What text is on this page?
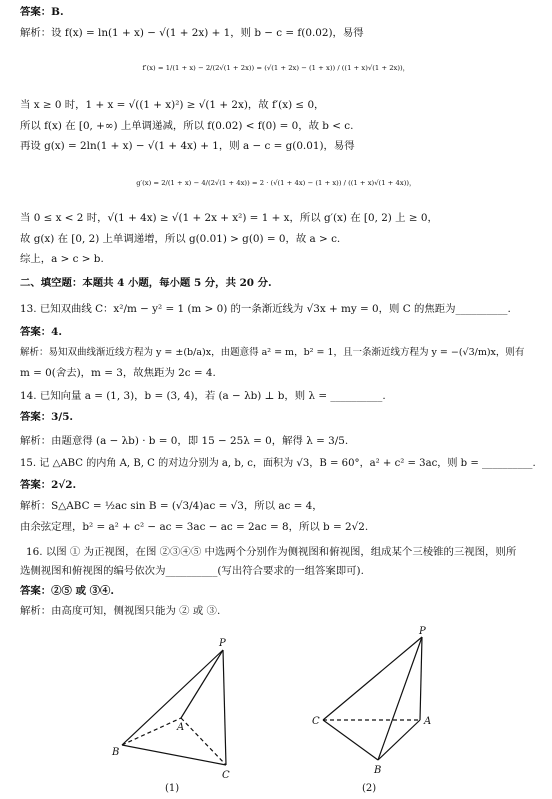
答案：B.
解析：设 f(x) = ln(1 + x) − √(1 + 2x) + 1，则 b − c = f(0.02)，易得
f′(x) = 1/(1 + x) − 2/(2√(1 + 2x)) = (√(1 + 2x) − (1 + x)) / ((1 + x)√(1 + 2x))，
当 x ≥ 0 时，1 + x = √((1 + x)²) ≥ √(1 + 2x)，故 f′(x) ≤ 0，
所以 f(x) 在 [0, +∞) 上单调递减，所以 f(0.02) < f(0) = 0，故 b < c.
再设 g(x) = 2ln(1 + x) − √(1 + 4x) + 1，则 a − c = g(0.01)，易得
g′(x) = 2/(1 + x) − 4/(2√(1 + 4x)) = 2 · (√(1 + 4x) − (1 + x)) / ((1 + x)√(1 + 4x))，
当 0 ≤ x < 2 时，√(1 + 4x) ≥ √(1 + 2x + x²) = 1 + x，所以 g′(x) 在 [0, 2) 上 ≥ 0，
故 g(x) 在 [0, 2) 上单调递增，所以 g(0.01) > g(0) = 0，故 a > c.
综上，a > c > b.
二、填空题：本题共 4 小题，每小题 5 分，共 20 分.
13. 已知双曲线 C：x²/m − y² = 1 (m > 0) 的一条渐近线为 √3x + my = 0，则 C 的焦距为__________.
答案：4.
解析：易知双曲线渐近线方程为 y = ±(b/a)x，由题意得 a² = m，b² = 1，且一条渐近线方程为 y = −(√3/m)x，则有
m = 0(舍去)，m = 3，故焦距为 2c = 4.
14. 已知向量 a = (1, 3)，b = (3, 4)，若 (a − λb) ⊥ b，则 λ = __________.
答案：3/5.
解析：由题意得 (a − λb) · b = 0，即 15 − 25λ = 0，解得 λ = 3/5.
15. 记 △ABC 的内角 A, B, C 的对边分别为 a, b, c，面积为 √3，B = 60°，a² + c² = 3ac，则 b = __________.
答案：2√2.
解析：S△ABC = ½ac sin B = (√3/4)ac = √3，所以 ac = 4，
由余弦定理，b² = a² + c² − ac = 3ac − ac = 2ac = 8，所以 b = 2√2.
16. 以图 ① 为正视图，在图 ②③④⑤ 中选两个分别作为侧视图和俯视图，组成某个三棱锥的三视图，则所
选侧视图和俯视图的编号依次为__________(写出符合要求的一组答案即可).
答案：②⑤ 或 ③④.
解析：由高度可知，侧视图只能为 ② 或 ③.
P
A
B
C
(1)
P
C	A
B
(2)
